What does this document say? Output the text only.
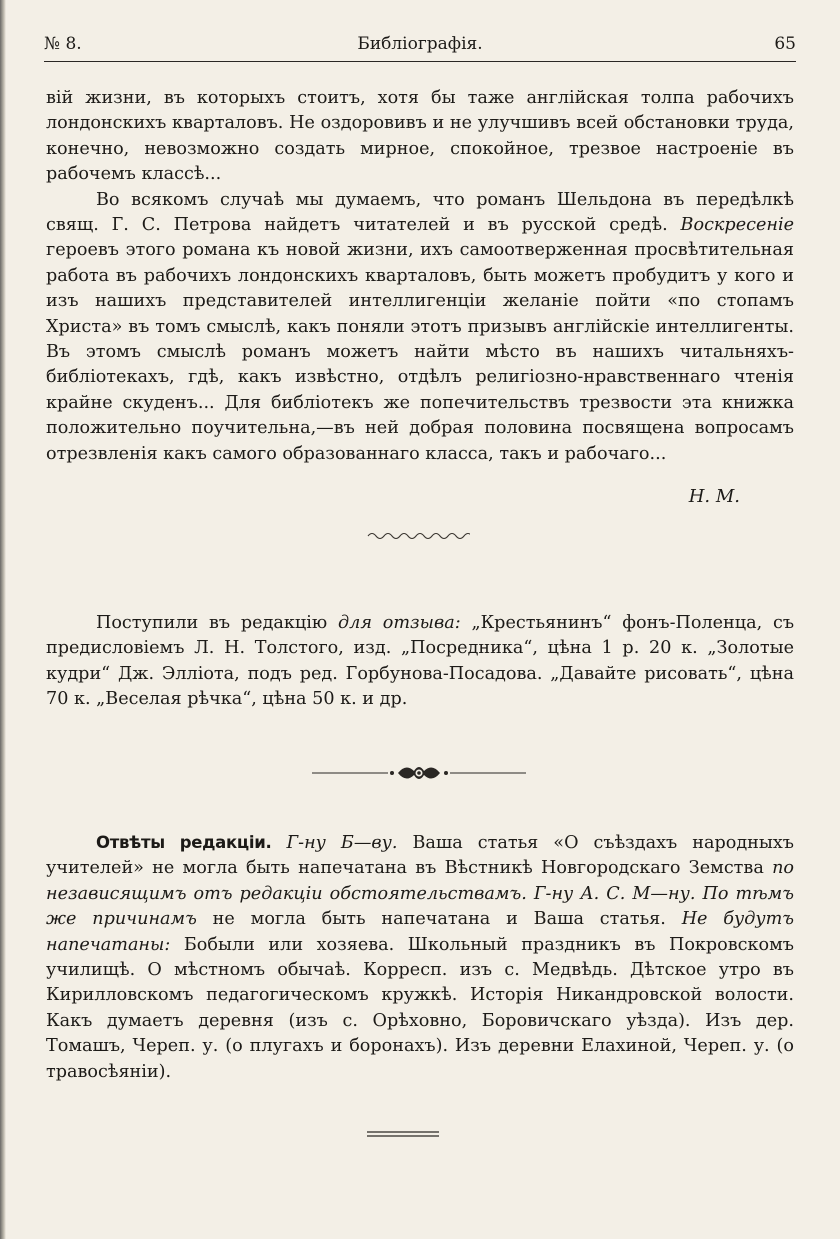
№ 8.	Библіографія.	65

вій жизни, въ которыхъ стоитъ, хотя бы таже англійская толпа рабочихъ лондонскихъ кварталовъ. Не оздоровивъ и не улучшивъ всей обстановки труда, конечно, невозможно создать мирное, спокойное, трезвое настроеніе въ рабочемъ классѣ...

Во всякомъ случаѣ мы думаемъ, что романъ Шельдона въ передѣлкѣ свящ. Г. С. Петрова найдетъ читателей и въ русской средѣ. Воскресеніе героевъ этого романа къ новой жизни, ихъ самоотверженная просвѣтительная работа въ рабочихъ лондонскихъ кварталовъ, быть можетъ пробудитъ у кого и изъ нашихъ представителей интеллигенціи желаніе пойти «по стопамъ Христа» въ томъ смыслѣ, какъ поняли этотъ призывъ англійскіе интеллигенты. Въ этомъ смыслѣ романъ можетъ найти мѣсто въ нашихъ читальняхъ-библіотекахъ, гдѣ, какъ извѣстно, отдѣлъ религіозно-нравственнаго чтенія крайне скуденъ... Для библіотекъ же попечительствъ трезвости эта книжка положительно поучительна,—въ ней добрая половина посвящена вопросамъ отрезвленія какъ самого образованнаго класса, такъ и рабочаго...

Н. М.

Поступили въ редакцію для отзыва: „Крестьянинъ“ фонъ-Поленца, съ предисловіемъ Л. Н. Толстого, изд. „Посредника“, цѣна 1 р. 20 к. „Золотые кудри“ Дж. Эллiота, подъ ред. Горбунова-Посадова. „Давайте рисовать“, цѣна 70 к. „Веселая рѣчка“, цѣна 50 к. и др.

Отвѣты редакціи. Г-ну Б—ву. Ваша статья «О съѣздахъ народныхъ учителей» не могла быть напечатана въ Вѣстникѣ Новгородскаго Земства по независящимъ отъ редакціи обстоятельствамъ. Г-ну А. С. М—ну. По тѣмъ же причинамъ не могла быть напечатана и Ваша статья. Не будутъ напечатаны: Бобыли или хозяева. Школьный праздникъ въ Покровскомъ училищѣ. О мѣстномъ обычаѣ. Корресп. изъ с. Медвѣдь. Дѣтское утро въ Кирилловскомъ педагогическомъ кружкѣ. Исторія Никандровской волости. Какъ думаетъ деревня (изъ с. Орѣховно, Боровичскаго уѣзда). Изъ дер. Томашъ, Череп. у. (о плугахъ и боронахъ). Изъ деревни Елахиной, Череп. у. (о травосѣяніи).
